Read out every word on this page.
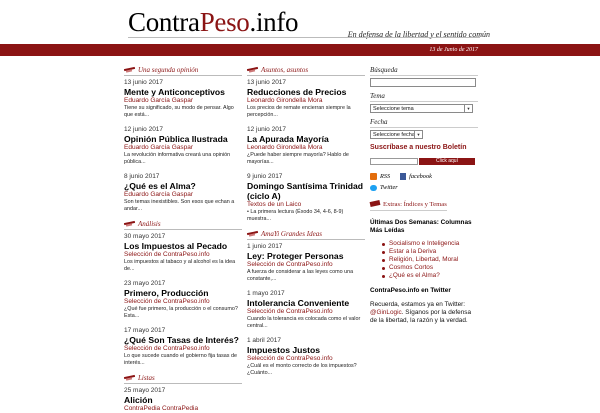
ContraPeso.info	En defensa de la libertad y el sentido común
13 de Junio de 2017
Una segunda opinión
13 junio 2017
Mente y Anticonceptivos
Eduardo García Gaspar
Tiene su significado, su modo de pensar. Algo que está...
12 junio 2017
Opinión Pública Ilustrada
Eduardo García Gaspar
La revolución informativa creará una opinión pública...
8 junio 2017
¿Qué es el Alma?
Eduardo García Gaspar
Son temas inexistibles. Son esos que echan a andar...
Análisis
30 mayo 2017
Los Impuestos al Pecado
Selección de ContraPeso.info
Los impuestos al tabaco y al alcohol es la idea de...
23 mayo 2017
Primero, Producción
Selección de ContraPeso.info
¿Qué fue primero, la producción o el consumo? Esta...
17 mayo 2017
¿Qué Son Tasas de Interés?
Selección de ContraPeso.info
Lo que sucede cuando el gobierno fija tasas de interés...
Listas
25 mayo 2017
Alición
ContraPedia ContraPedia
Asuntos, asuntos
13 junio 2017
Reducciones de Precios
Leonardo Girondella Mora
Los precios de remate encierran siempre la percepción...
12 junio 2017
La Apurada Mayoría
Leonardo Girondella Mora
¿Puede haber siempre mayoría? Hablo de mayorías...
9 junio 2017
Domingo Santísima Trinidad (ciclo A)
Textos de un Laico
• La primera lectura (Éxodo 34, 4-6, 8-9) muestra...
AmaYi Grandes Ideas
1 junio 2017
Ley: Proteger Personas
Selección de ContraPeso.info
A fuerza de considerar a las leyes como una constante,...
1 mayo 2017
Intolerancia Conveniente
Selección de ContraPeso.info
Cuando la tolerancia es colocada como el valor central...
1 abril 2017
Impuestos Justos
Selección de ContraPeso.info
¿Cuál es el monto correcto de los impuestos? ¿Cuánto...
Búsqueda
Tema
Seleccione tema	▼
Fecha
Seleccione fecha ▼
Suscríbase a nuestro Boletín
Click aquí
RSS	facebook
Twitter
Extras: Índices y Temas
Últimas Dos Semanas: Columnas Más Leídas
Socialismo e Inteligencia
Estar a la Deriva
Religión, Libertad, Moral
Cosmos Cortos
¿Qué es el Alma?
ContraPeso.info en Twitter
Recuerda, estamos ya en Twitter:
@GinLogic. Síganos por la defensa
de la libertad, la razón y la verdad.
